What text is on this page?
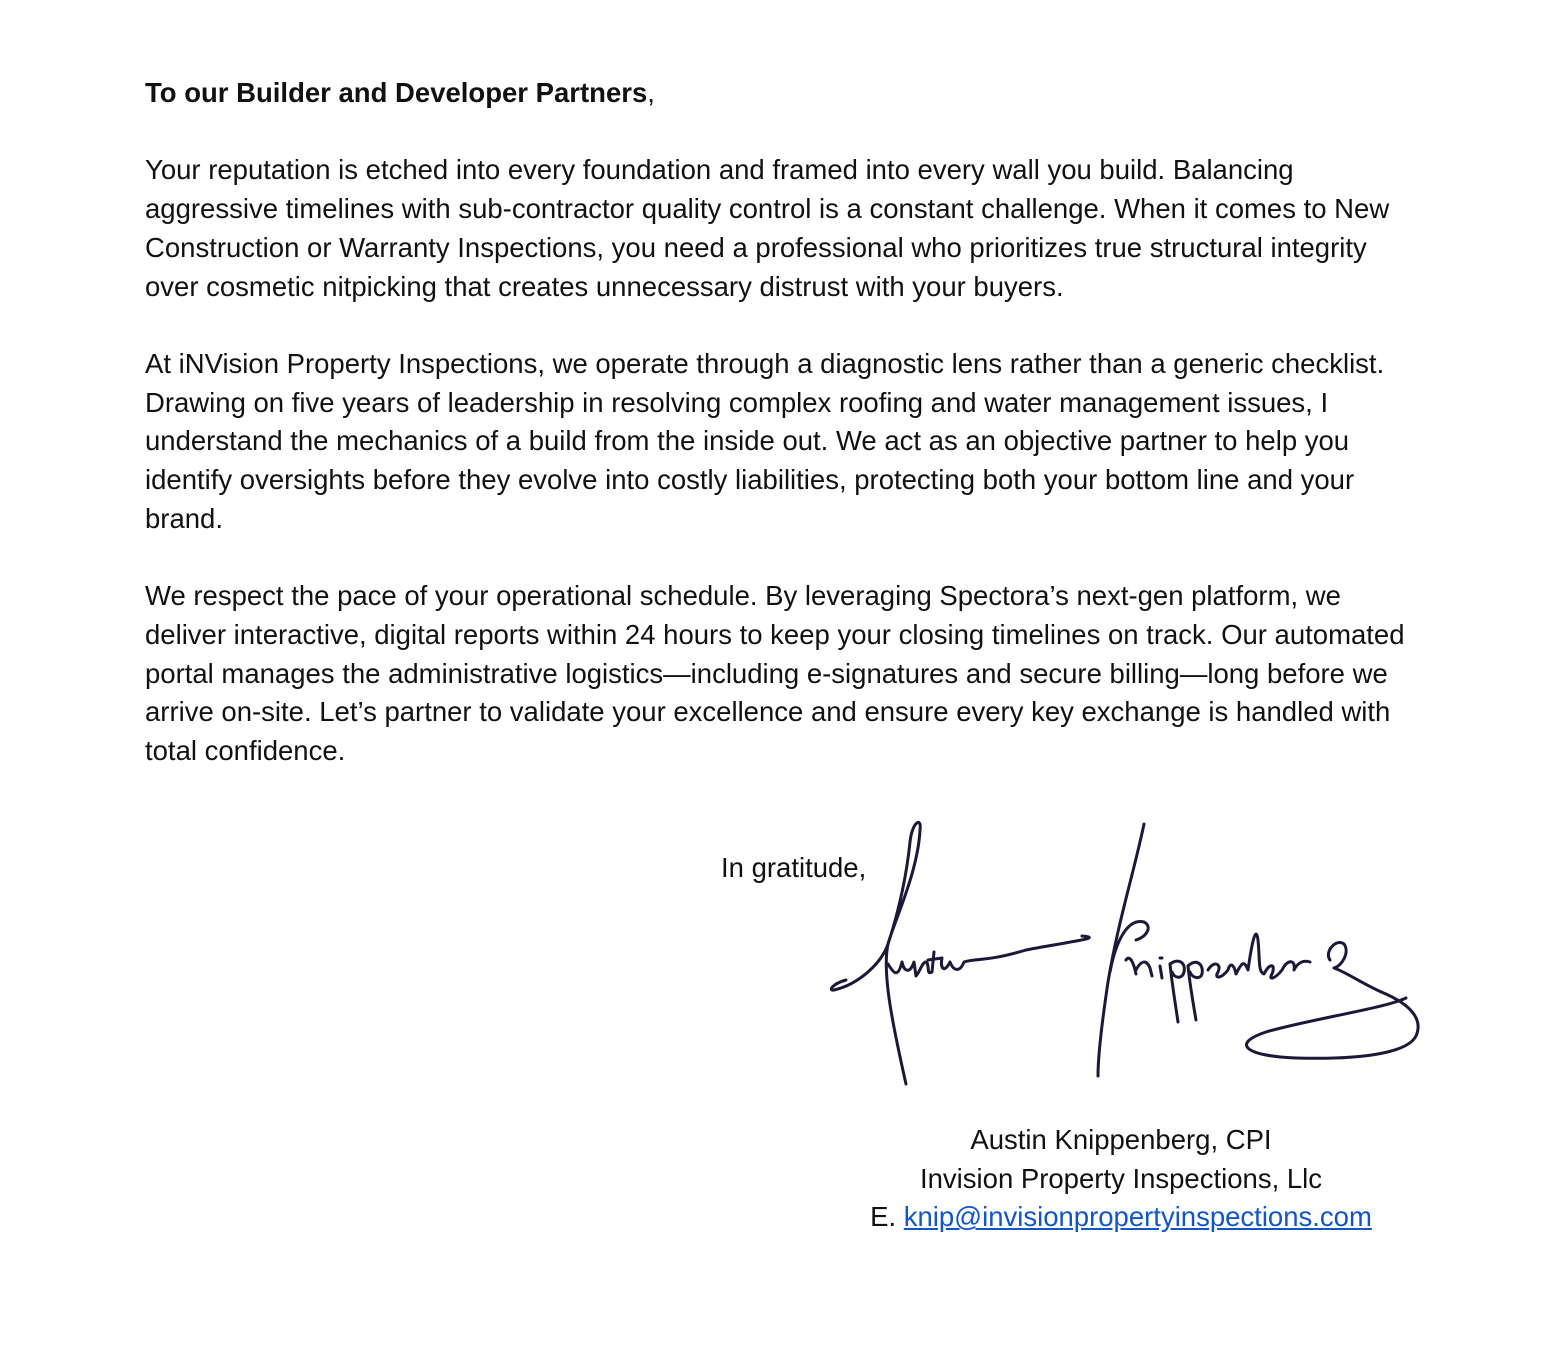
To our Builder and Developer Partners,

Your reputation is etched into every foundation and framed into every wall you build. Balancing aggressive timelines with sub-contractor quality control is a constant challenge. When it comes to New Construction or Warranty Inspections, you need a professional who prioritizes true structural integrity over cosmetic nitpicking that creates unnecessary distrust with your buyers.

At iNVision Property Inspections, we operate through a diagnostic lens rather than a generic checklist. Drawing on five years of leadership in resolving complex roofing and water management issues, I understand the mechanics of a build from the inside out. We act as an objective partner to help you identify oversights before they evolve into costly liabilities, protecting both your bottom line and your brand.

We respect the pace of your operational schedule. By leveraging Spectora’s next-gen platform, we deliver interactive, digital reports within 24 hours to keep your closing timelines on track. Our automated portal manages the administrative logistics—including e-signatures and secure billing—long before we arrive on-site. Let’s partner to validate your excellence and ensure every key exchange is handled with total confidence.

In gratitude,

Austin Knippenberg, CPI

Invision Property Inspections, Llc

E. knip@invisionpropertyinspections.com
